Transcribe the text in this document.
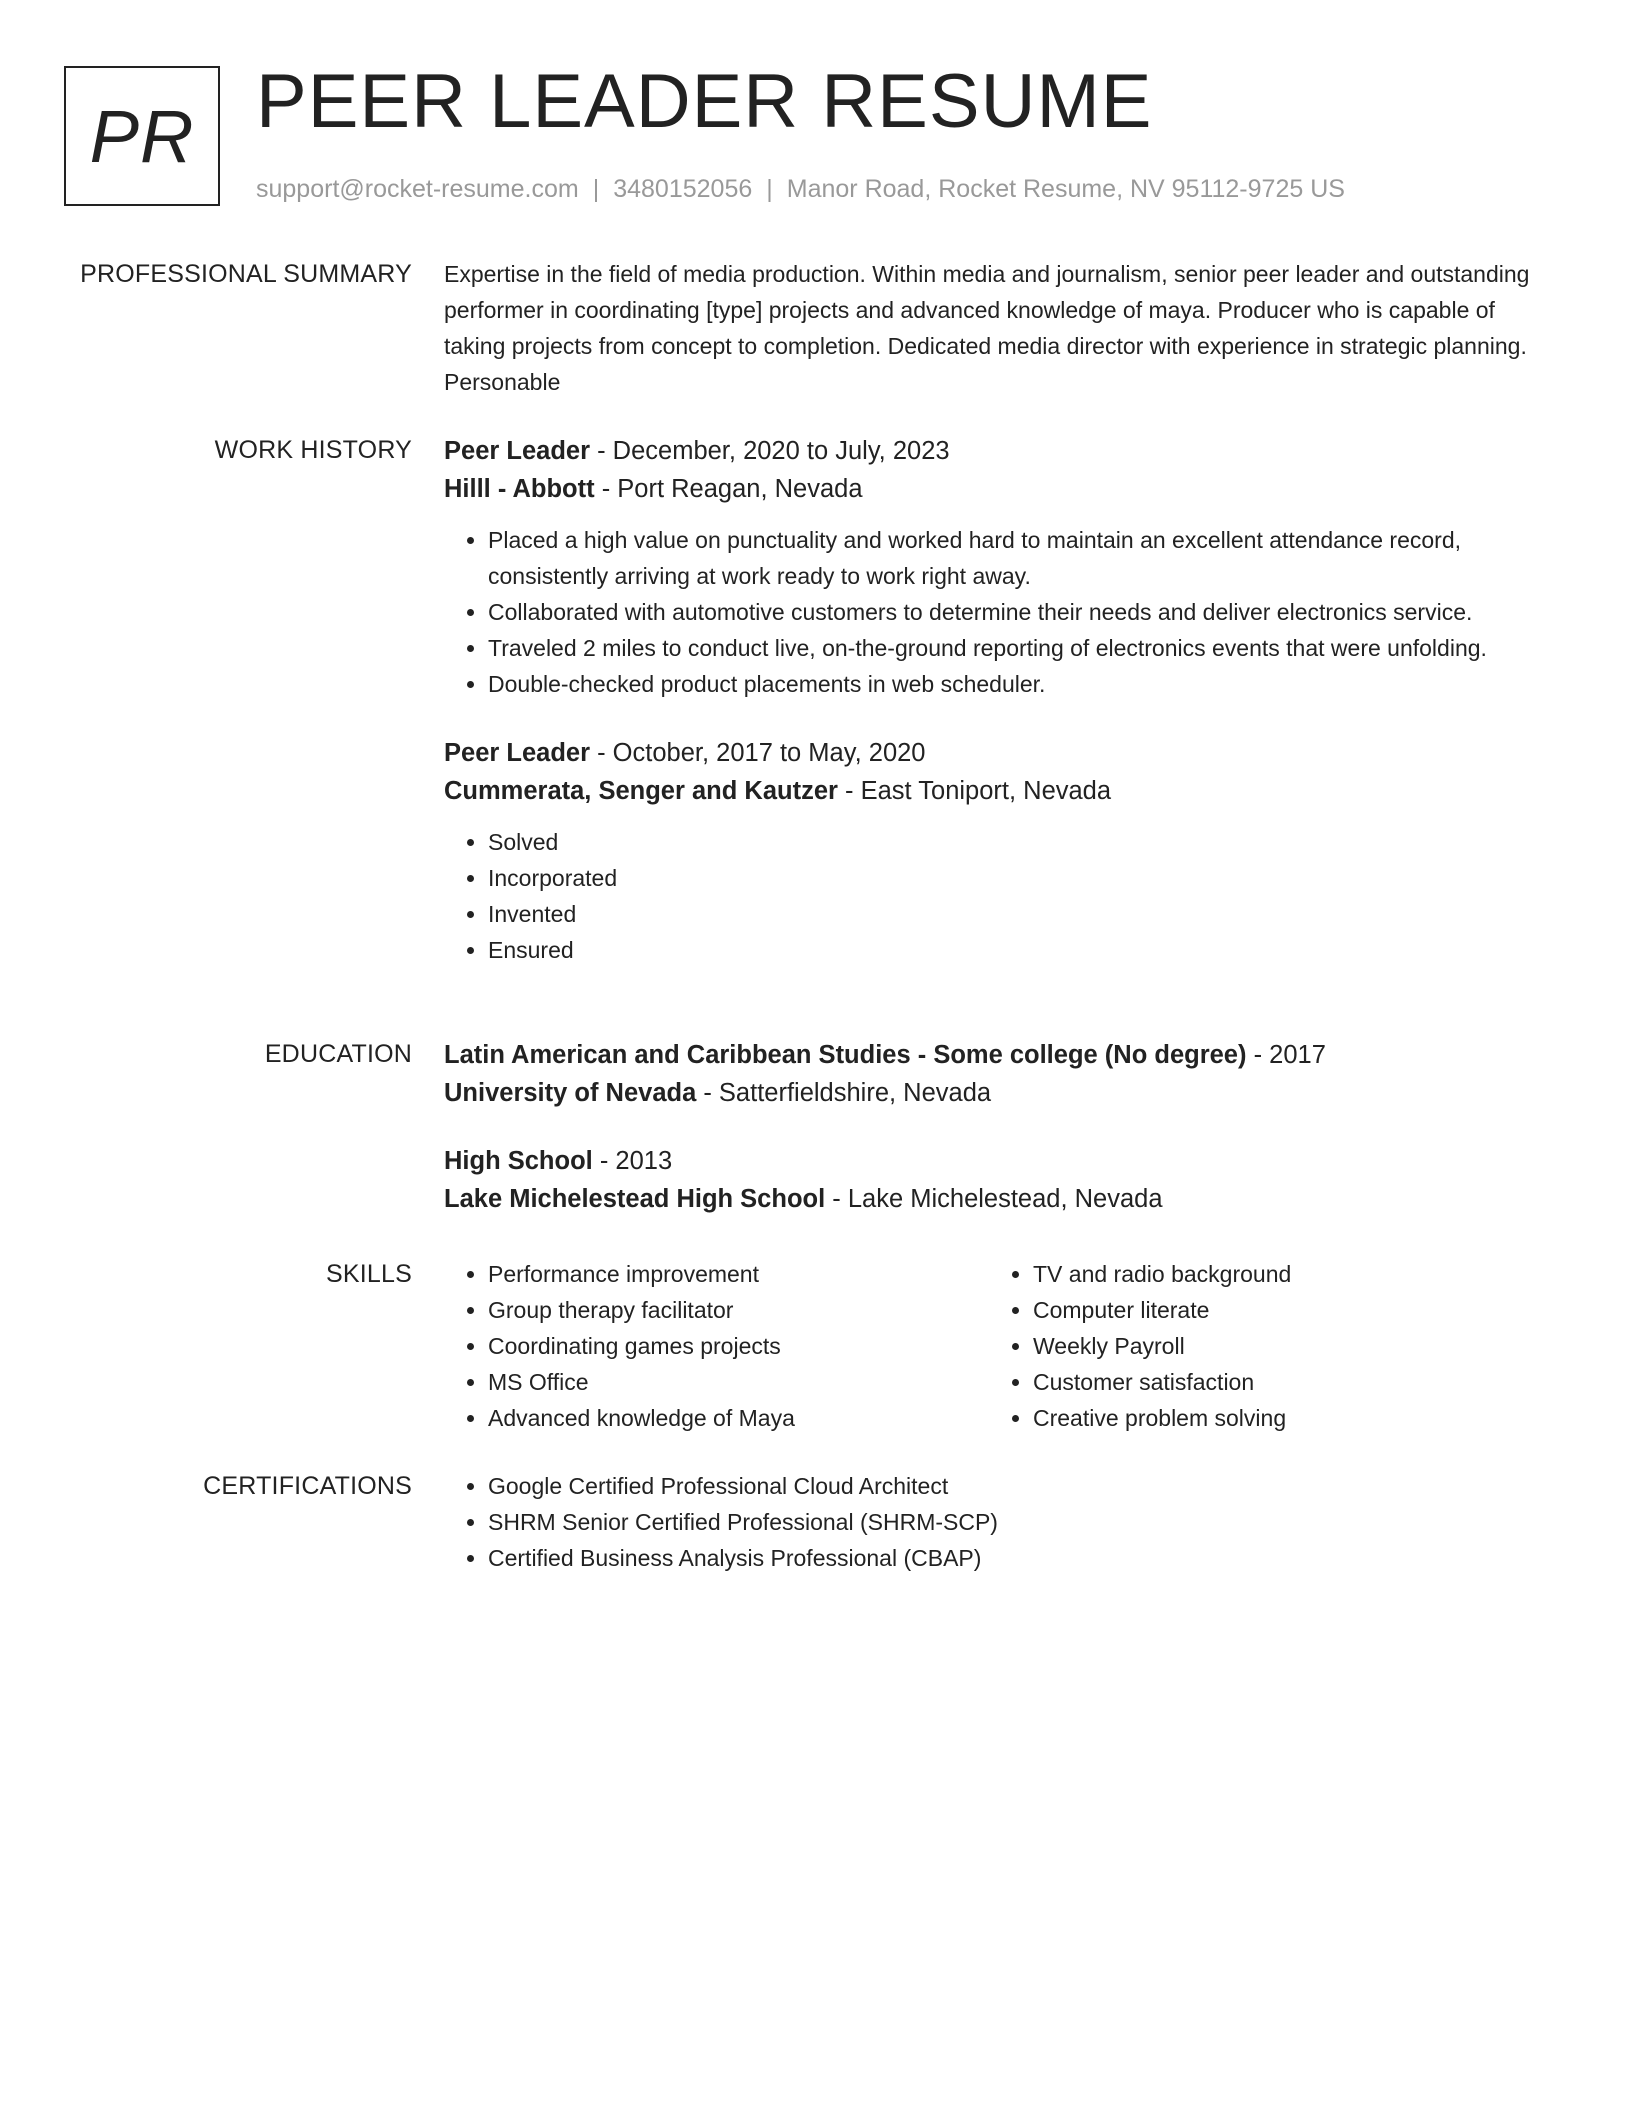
PR PEER LEADER RESUME
support@rocket-resume.com | 3480152056 | Manor Road, Rocket Resume, NV 95112-9725 US
PROFESSIONAL SUMMARY Expertise in the field of media production. Within media and journalism, senior peer leader and outstanding performer in coordinating [type] projects and advanced knowledge of maya. Producer who is capable of taking projects from concept to completion. Dedicated media director with experience in strategic planning. Personable

WORK HISTORY Peer Leader - December, 2020 to July, 2023
Hilll - Abbott - Port Reagan, Nevada
• Placed a high value on punctuality and worked hard to maintain an excellent attendance record, consistently arriving at work ready to work right away.
• Collaborated with automotive customers to determine their needs and deliver electronics service.
• Traveled 2 miles to conduct live, on-the-ground reporting of electronics events that were unfolding.
• Double-checked product placements in web scheduler.
Peer Leader - October, 2017 to May, 2020
Cummerata, Senger and Kautzer - East Toniport, Nevada
• Solved
• Incorporated
• Invented
• Ensured
EDUCATION Latin American and Caribbean Studies - Some college (No degree) - 2017
University of Nevada - Satterfieldshire, Nevada
High School - 2013
Lake Michelestead High School - Lake Michelestead, Nevada
SKILLS	• Performance improvement
• Group therapy facilitator
• Coordinating games projects
• MS Office
• Advanced knowledge of Maya
• TV and radio background
• Computer literate
• Weekly Payroll
• Customer satisfaction
• Creative problem solving
CERTIFICATIONS	• Google Certified Professional Cloud Architect
• SHRM Senior Certified Professional (SHRM-SCP)
• Certified Business Analysis Professional (CBAP)
